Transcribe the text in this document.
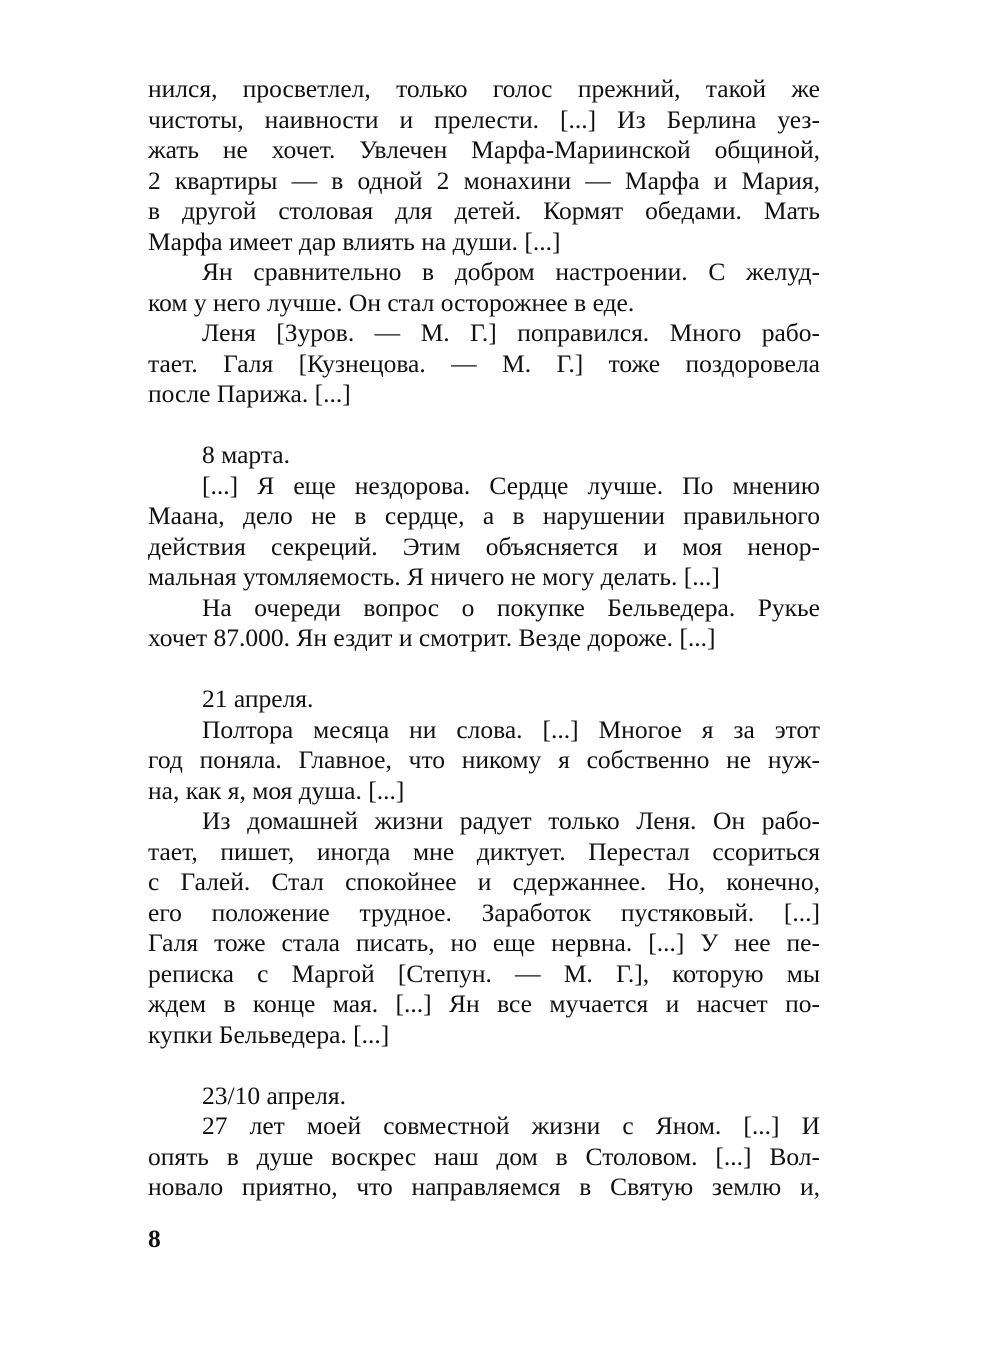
нился, просветлел, только голос прежний, такой же
чистоты, наивности и прелести. [...] Из Берлина уез-
жать не хочет. Увлечен Марфа-Мариинской общиной,
2 квартиры — в одной 2 монахини — Марфа и Мария,
в другой столовая для детей. Кормят обедами. Мать
Марфа имеет дар влиять на души. [...]
Ян сравнительно в добром настроении. С желуд-
ком у него лучше. Он стал осторожнее в еде.
Леня [Зуров. — М. Г.] поправился. Много рабо-
тает. Галя [Кузнецова. — М. Г.] тоже поздоровела
после Парижа. [...]
8 марта.
[...] Я еще нездорова. Сердце лучше. По мнению
Маана, дело не в сердце, а в нарушении правильного
действия секреций. Этим объясняется и моя ненор-
мальная утомляемость. Я ничего не могу делать. [...]
На очереди вопрос о покупке Бельведера. Рукье
хочет 87.000. Ян ездит и смотрит. Везде дороже. [...]
21 апреля.
Полтора месяца ни слова. [...] Многое я за этот
год поняла. Главное, что никому я собственно не нуж-
на, как я, моя душа. [...]
Из домашней жизни радует только Леня. Он рабо-
тает, пишет, иногда мне диктует. Перестал ссориться
с Галей. Стал спокойнее и сдержаннее. Но, конечно,
его положение трудное. Заработок пустяковый. [...]
Галя тоже стала писать, но еще нервна. [...] У нее пе-
реписка с Маргой [Степун. — М. Г.], которую мы
ждем в конце мая. [...] Ян все мучается и насчет по-
купки Бельведера. [...]
23/10 апреля.
27 лет моей совместной жизни с Яном. [...] И
опять в душе воскрес наш дом в Столовом. [...] Вол-
новало приятно, что направляемся в Святую землю и,
8
